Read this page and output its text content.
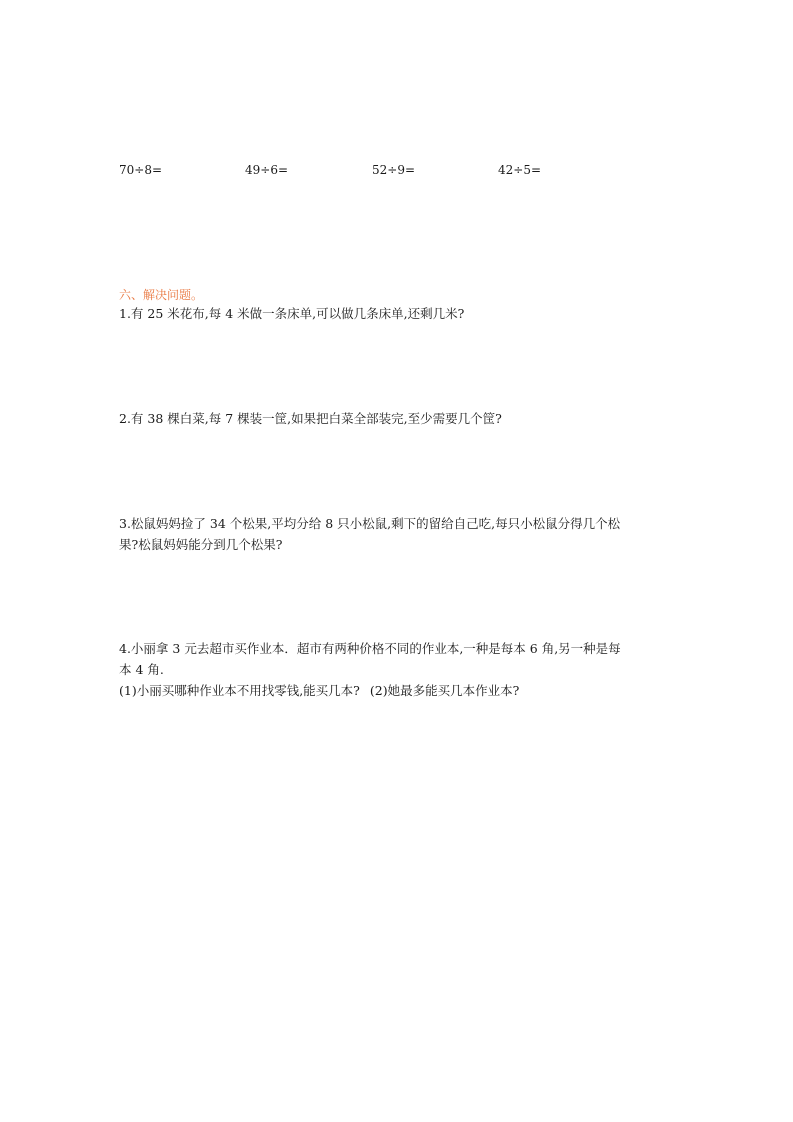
70÷8=	49÷6=	52÷9=	42÷5=
六、解决问题。
1.有 25 米花布,每 4 米做一条床单,可以做几条床单,还剩几米?
2.有 38 棵白菜,每 7 棵装一筐,如果把白菜全部装完,至少需要几个筐?
3.松鼠妈妈捡了 34 个松果,平均分给 8 只小松鼠,剩下的留给自己吃,每只小松鼠分得几个松
果?松鼠妈妈能分到几个松果?
4.小丽拿 3 元去超市买作业本．超市有两种价格不同的作业本,一种是每本 6 角,另一种是每
本 4 角.
(1)小丽买哪种作业本不用找零钱,能买几本? (2)她最多能买几本作业本?
